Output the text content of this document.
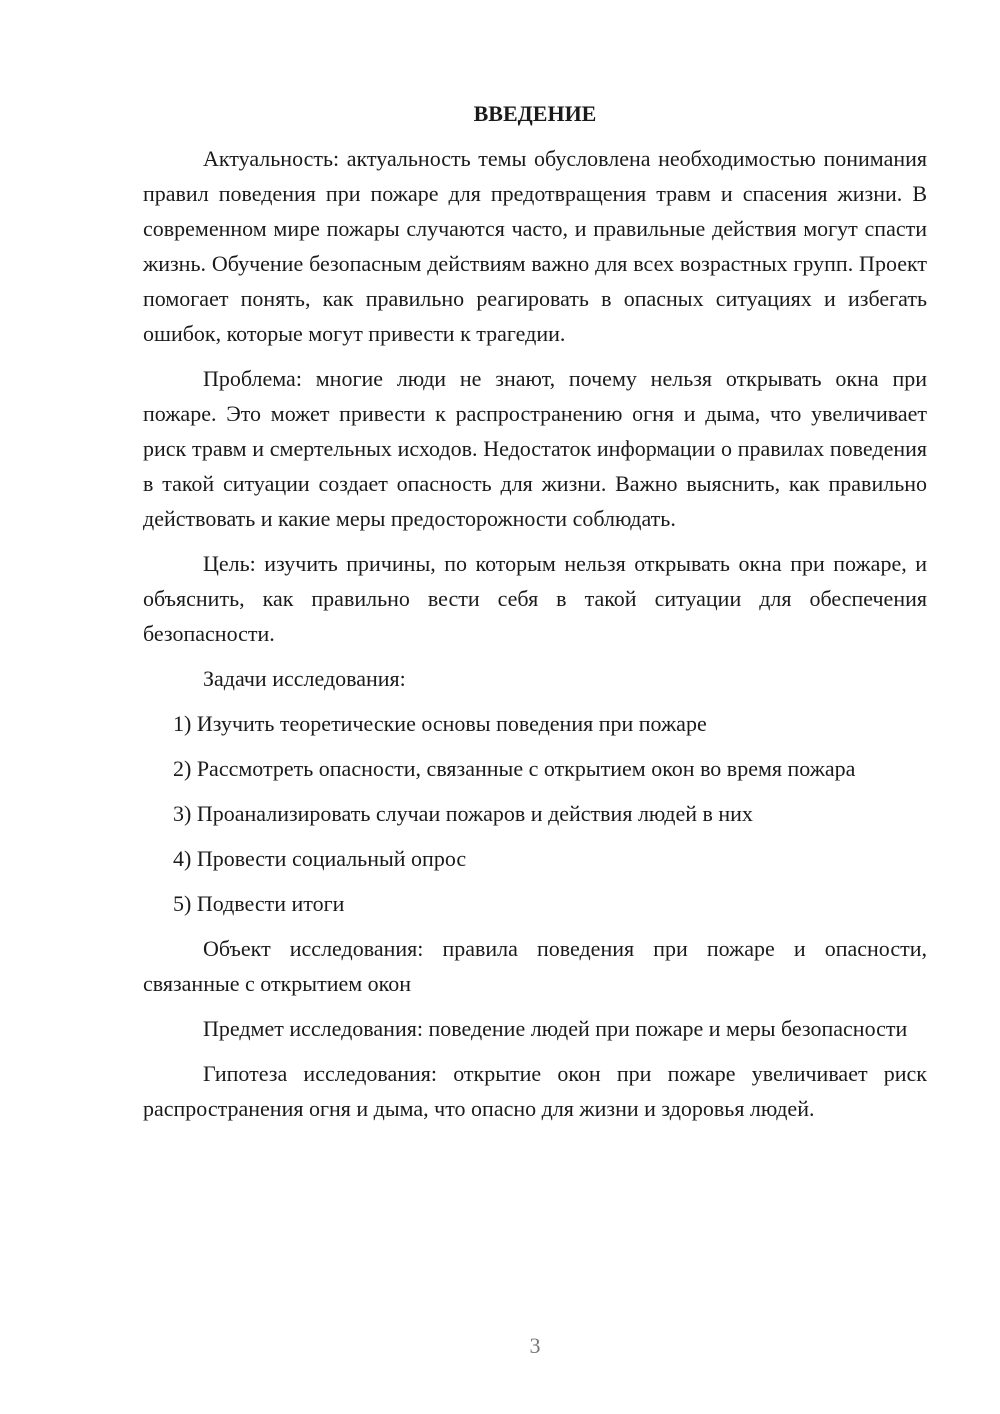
ВВЕДЕНИЕ

Актуальность: актуальность темы обусловлена необходимостью понимания правил поведения при пожаре для предотвращения травм и спасения жизни. В современном мире пожары случаются часто, и правильные действия могут спасти жизнь. Обучение безопасным действиям важно для всех возрастных групп. Проект помогает понять, как правильно реагировать в опасных ситуациях и избегать ошибок, которые могут привести к трагедии.

Проблема: многие люди не знают, почему нельзя открывать окна при пожаре. Это может привести к распространению огня и дыма, что увеличивает риск травм и смертельных исходов. Недостаток информации о правилах поведения в такой ситуации создает опасность для жизни. Важно выяснить, как правильно действовать и какие меры предосторожности соблюдать.

Цель: изучить причины, по которым нельзя открывать окна при пожаре, и объяснить, как правильно вести себя в такой ситуации для обеспечения безопасности.

Задачи исследования:

1) Изучить теоретические основы поведения при пожаре

2) Рассмотреть опасности, связанные с открытием окон во время пожара

3) Проанализировать случаи пожаров и действия людей в них

4) Провести социальный опрос

5) Подвести итоги

Объект исследования: правила поведения при пожаре и опасности, связанные с открытием окон

Предмет исследования: поведение людей при пожаре и меры безопасности

Гипотеза исследования: открытие окон при пожаре увеличивает риск распространения огня и дыма, что опасно для жизни и здоровья людей.

3
